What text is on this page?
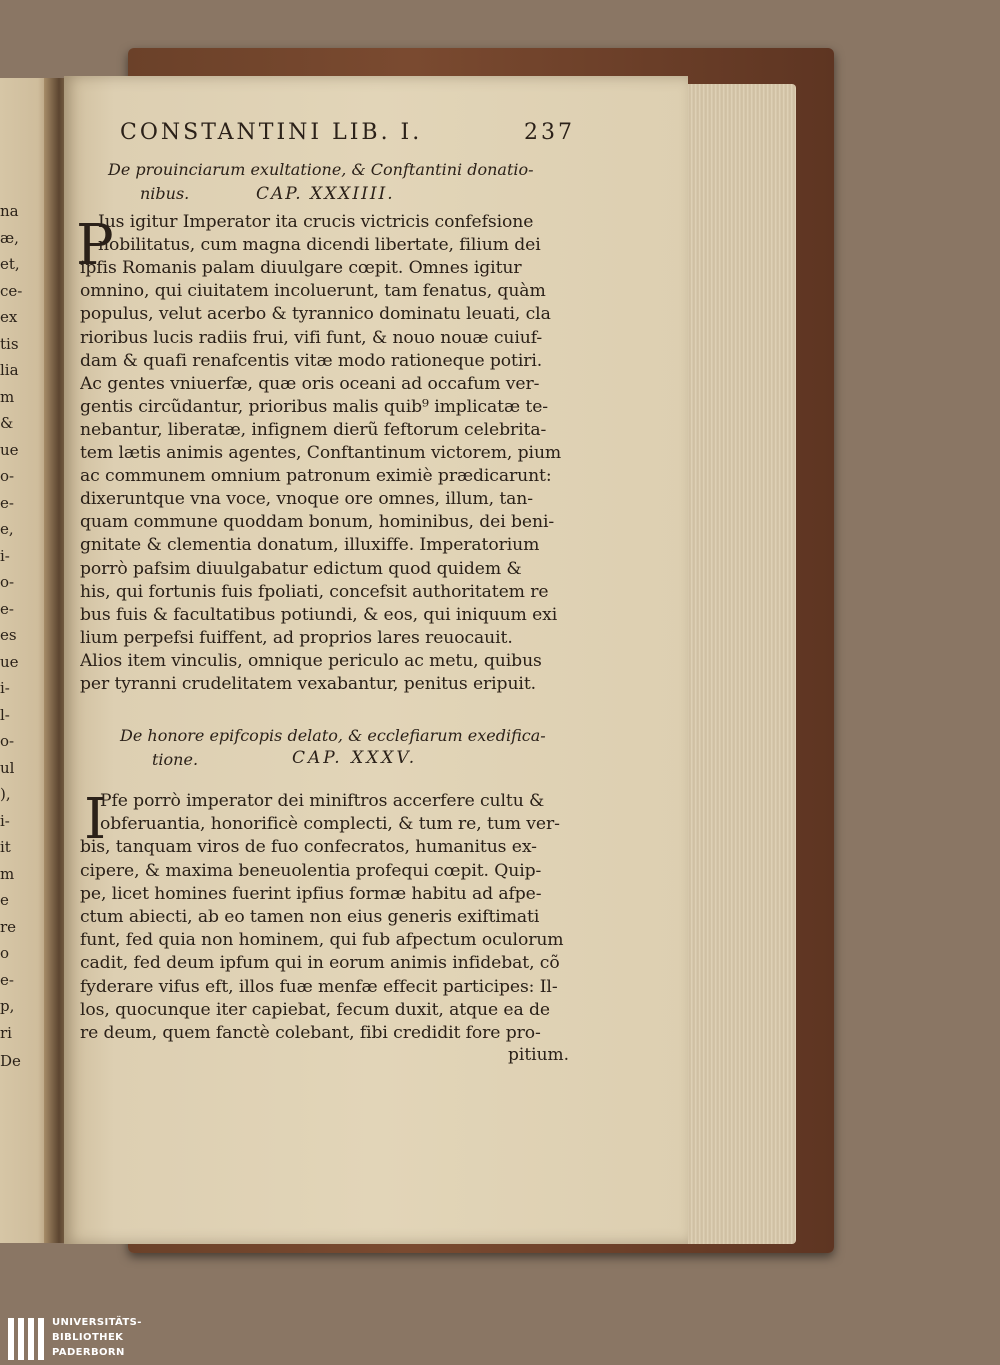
na
æ,
et,
ce-
ex
tis
lia
m
&
ue
o-
e-
e,
i-
o-
e-
es
ue
i-
l-
o-
ul
),
i-
it
m
e
re
o
e-
p,
ri
De
CONSTANTINI LIB. I.	237
De prouinciarum exultatione, & Conftantini donatio-
nibus.	CAP. XXXIIII.
P
Ius igitur Imperator ita crucis victricis confefsione
nobilitatus, cum magna dicendi libertate, filium dei
ipfis Romanis palam diuulgare cœpit. Omnes igitur
omnino, qui ciuitatem incoluerunt, tam fenatus, quàm
populus, velut acerbo & tyrannico dominatu leuati, cla
rioribus lucis radiis frui, vifi funt, & nouo nouæ cuiuf-
dam & quafi renafcentis vitæ modo rationeque potiri.
Ac gentes vniuerfæ, quæ oris oceani ad occafum ver-
gentis circũdantur, prioribus malis quib⁹ implicatæ te-
nebantur, liberatæ, infignem dierũ feftorum celebrita-
tem lætis animis agentes, Conftantinum victorem, pium
ac communem omnium patronum eximiè prædicarunt:
dixeruntque vna voce, vnoque ore omnes, illum, tan-
quam commune quoddam bonum, hominibus, dei beni-
gnitate & clementia donatum, illuxiffe. Imperatorium
porrò pafsim diuulgabatur edictum quod quidem &
his, qui fortunis fuis fpoliati, concefsit authoritatem re
bus fuis & facultatibus potiundi, & eos, qui iniquum exi
lium perpefsi fuiffent, ad proprios lares reuocauit.
Alios item vinculis, omnique periculo ac metu, quibus
per tyranni crudelitatem vexabantur, penitus eripuit.
De honore epifcopis delato, & ecclefiarum exedifica-
tione.	CAP. XXXV.
I
Pfe porrò imperator dei miniftros accerfere cultu &
obferuantia, honorificè complecti, & tum re, tum ver-
bis, tanquam viros de fuo confecratos, humanitus ex-
cipere, & maxima beneuolentia profequi cœpit. Quip-
pe, licet homines fuerint ipfius formæ habitu ad afpe-
ctum abiecti, ab eo tamen non eius generis exiftimati
funt, fed quia non hominem, qui fub afpectum oculorum
cadit, fed deum ipfum qui in eorum animis infidebat, cõ
fyderare vifus eft, illos fuæ menfæ effecit participes: Il-
los, quocunque iter capiebat, fecum duxit, atque ea de
re deum, quem fanctè colebant, fibi credidit fore pro-
pitium.
UNIVERSITÄTS-
BIBLIOTHEK
PADERBORN
